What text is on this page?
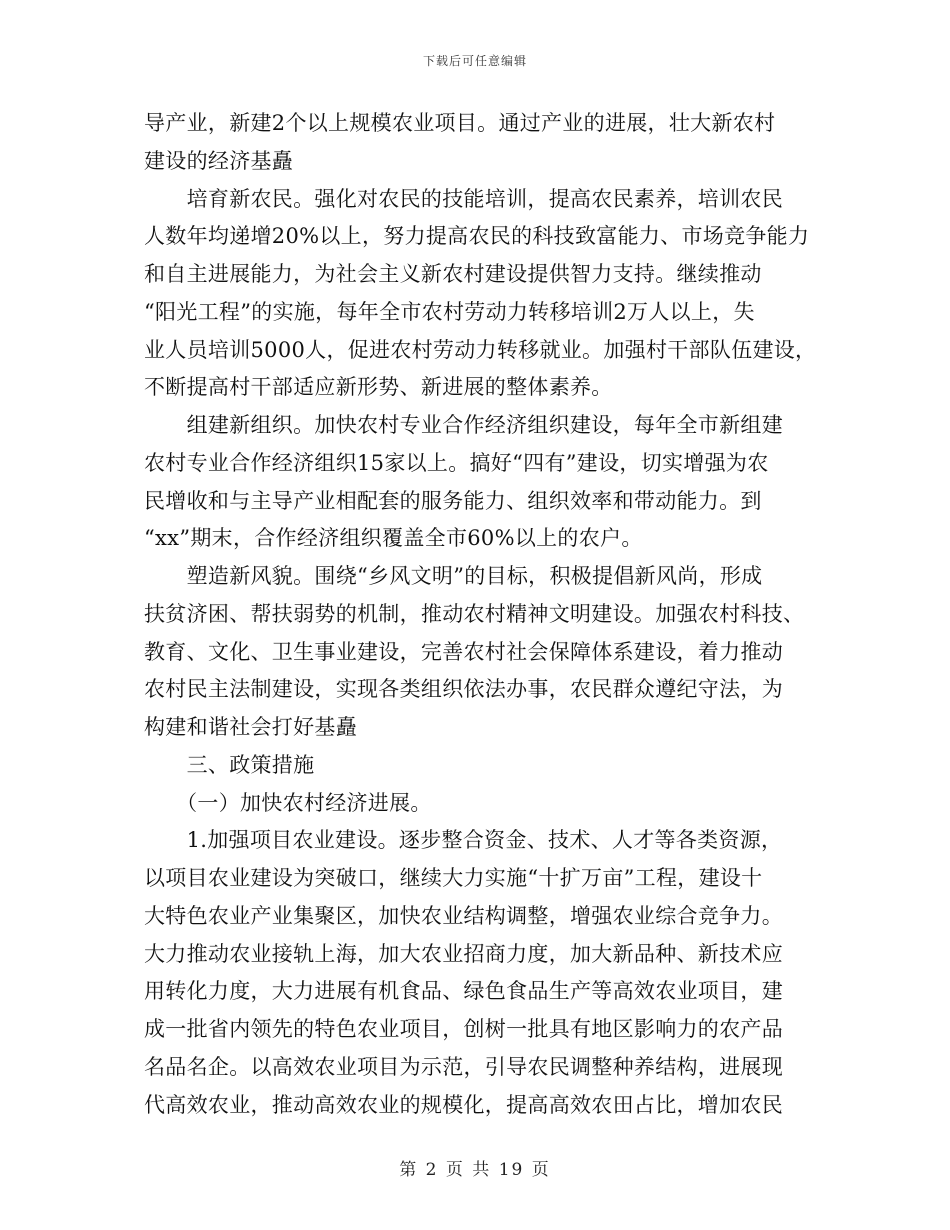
下载后可任意编辑
导产业，新建2个以上规模农业项目。通过产业的进展，壮大新农村
建设的经济基矗
　　培育新农民。强化对农民的技能培训，提高农民素养，培训农民
人数年均递增20%以上，努力提高农民的科技致富能力、市场竞争能力
和自主进展能力，为社会主义新农村建设提供智力支持。继续推动
“阳光工程”的实施，每年全市农村劳动力转移培训2万人以上，失
业人员培训5000人，促进农村劳动力转移就业。加强村干部队伍建设，
不断提高村干部适应新形势、新进展的整体素养。
　　组建新组织。加快农村专业合作经济组织建设，每年全市新组建
农村专业合作经济组织15家以上。搞好“四有”建设，切实增强为农
民增收和与主导产业相配套的服务能力、组织效率和带动能力。到
“xx”期末，合作经济组织覆盖全市60%以上的农户。
　　塑造新风貌。围绕“乡风文明”的目标，积极提倡新风尚，形成
扶贫济困、帮扶弱势的机制，推动农村精神文明建设。加强农村科技、
教育、文化、卫生事业建设，完善农村社会保障体系建设，着力推动
农村民主法制建设，实现各类组织依法办事，农民群众遵纪守法，为
构建和谐社会打好基矗
　　三、政策措施
　　（一）加快农村经济进展。
　　1.加强项目农业建设。逐步整合资金、技术、人才等各类资源，
以项目农业建设为突破口，继续大力实施“十扩万亩”工程，建设十
大特色农业产业集聚区，加快农业结构调整，增强农业综合竞争力。
大力推动农业接轨上海，加大农业招商力度，加大新品种、新技术应
用转化力度，大力进展有机食品、绿色食品生产等高效农业项目，建
成一批省内领先的特色农业项目，创树一批具有地区影响力的农产品
名品名企。以高效农业项目为示范，引导农民调整种养结构，进展现
代高效农业，推动高效农业的规模化，提高高效农田占比，增加农民
第 2 页 共 19 页
